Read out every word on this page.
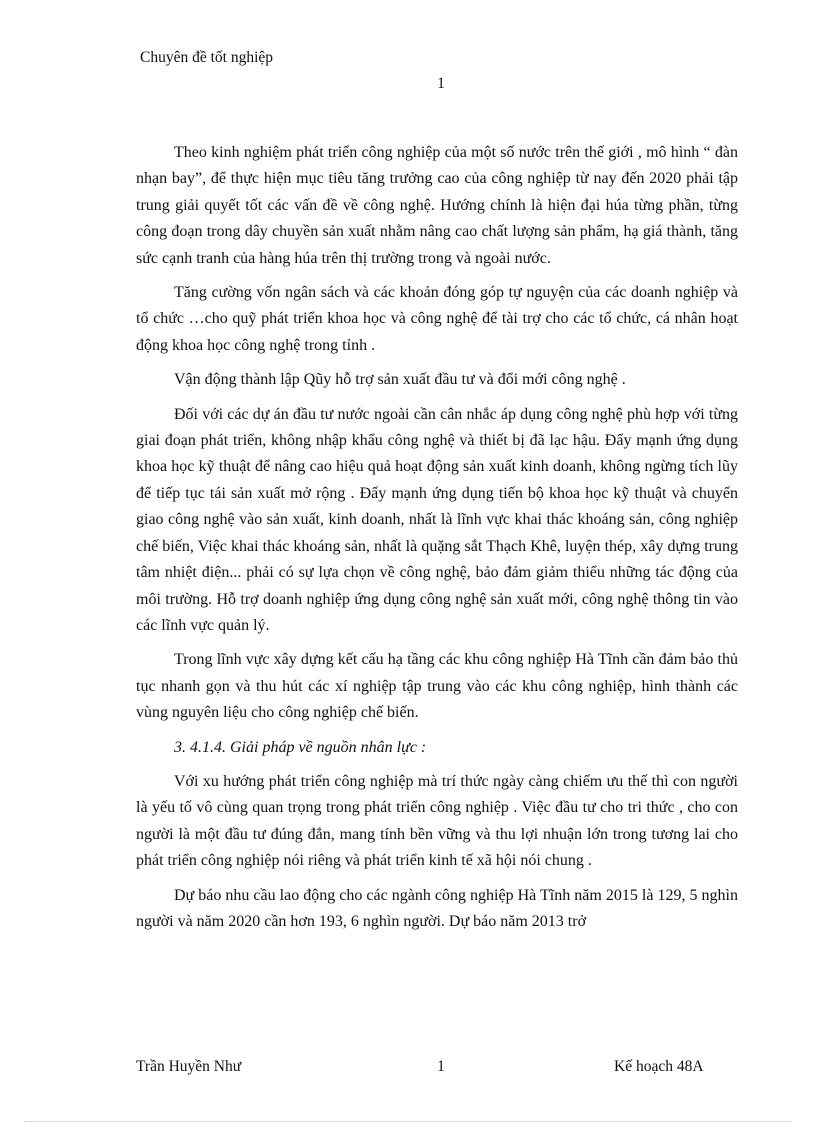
Chuyên đề tốt nghiệp
1

Theo kinh nghiệm phát triển công nghiệp của một số nước trên thế giới , mô hình “ đàn nhạn bay”, để thực hiện mục tiêu tăng trưởng cao của công nghiệp từ nay đến 2020 phải tập trung giải quyết tốt các vấn đề về công nghệ. Hướng chính là hiện đại húa từng phần, từng công đoạn trong dây chuyền sản xuất nhằm nâng cao chất lượng sản phẩm, hạ giá thành, tăng sức cạnh tranh của hàng húa trên thị trường trong và ngoài nước.

Tăng cường vốn ngân sách và các khoản đóng góp tự nguyện của các doanh nghiệp và tổ chức …cho quỹ phát triển khoa học và công nghệ để tài trợ cho các tổ chức, cá nhân hoạt động khoa học công nghệ trong tỉnh .

Vận động thành lập Qũy hỗ trợ sản xuất đầu tư và đổi mới công nghệ .

Đối với các dự án đầu tư nước ngoài cần cân nhắc áp dụng công nghệ phù hợp với từng giai đoạn phát triển, không nhập khẩu công nghệ và thiết bị đã lạc hậu. Đẩy mạnh ứng dụng khoa học kỹ thuật để nâng cao hiệu quả hoạt động sản xuất kinh doanh, không ngừng tích lũy để tiếp tục tái sản xuất mở rộng . Đẩy mạnh ứng dụng tiến bộ khoa học kỹ thuật và chuyển giao công nghệ vào sản xuất, kinh doanh, nhất là lĩnh vực khai thác khoáng sản, công nghiệp chế biến, Việc khai thác khoáng sản, nhất là quặng sắt Thạch Khê, luyện thép, xây dựng trung tâm nhiệt điện... phải có sự lựa chọn về công nghệ, bảo đảm giảm thiểu những tác động của môi trường. Hỗ trợ doanh nghiệp ứng dụng công nghệ sản xuất mới, công nghệ thông tin vào các lĩnh vực quản lý.

Trong lĩnh vực xây dựng kết cấu hạ tầng các khu công nghiệp Hà Tĩnh cần đảm bảo thủ tục nhanh gọn và thu hút các xí nghiệp tập trung vào các khu công nghiệp, hình thành các vùng nguyên liệu cho công nghiệp chế biến.

3. 4.1.4. Giải pháp về nguồn nhân lực :

Với xu hướng phát triển công nghiệp mà trí thức ngày càng chiếm ưu thế thì con người là yếu tố vô cùng quan trọng trong phát triển công nghiệp . Việc đầu tư cho tri thức , cho con người là một đầu tư đúng đắn, mang tính bền vững và thu lợi nhuận lớn trong tương lai cho phát triển công nghiệp nói riêng và phát triển kinh tế xã hội nói chung .

Dự báo nhu cầu lao động cho các ngành công nghiệp Hà Tĩnh năm 2015 là 129, 5 nghìn người và năm 2020 cần hơn 193, 6 nghìn người. Dự báo năm 2013 trở

Trần Huyền Như	1	Kế hoạch 48A
